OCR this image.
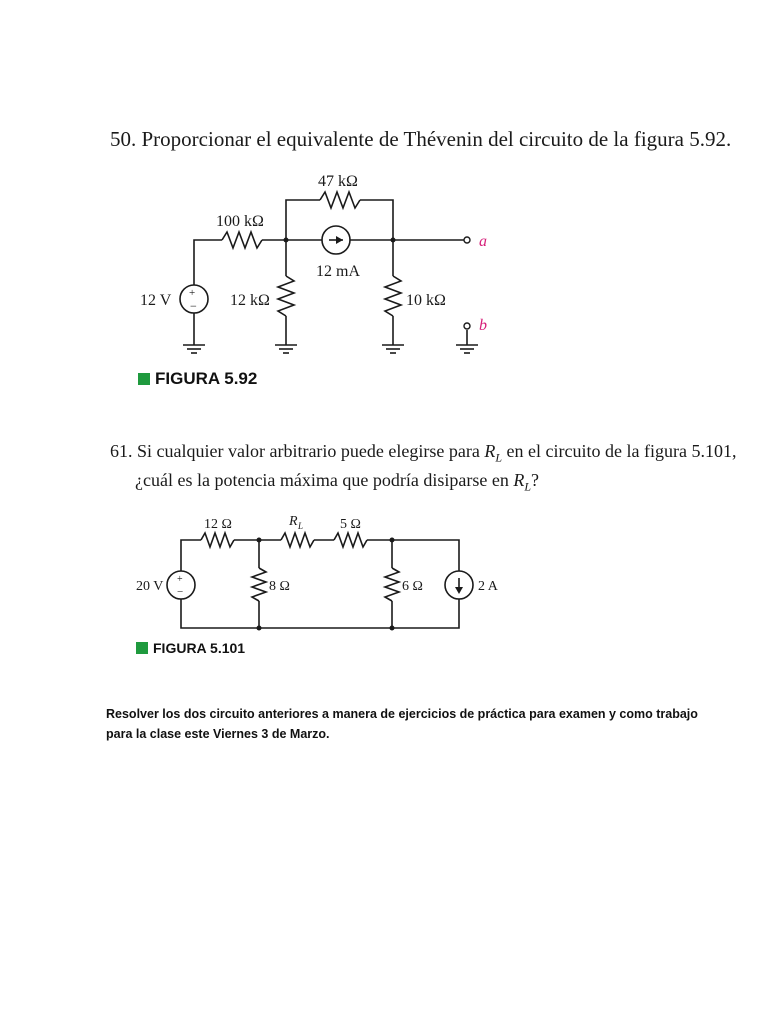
50. Proporcionar el equivalente de Thévenin del circuito de la figura 5.92.

47 kΩ
100 kΩ
12 V +
− 12 kΩ
12 mA
10 kΩ
a
b
12 Ω	R L	5 Ω
20 V +
−	8 Ω	6 Ω	2 A

FIGURA 5.92

61. Si cualquier valor arbitrario puede elegirse para $R_L$ en el circuito de la figura 5.101,
¿cuál es la potencia máxima que podría disiparse en $R_L$?

FIGURA 5.101

Resolver los dos circuito anteriores a manera de ejercicios de práctica para examen y como trabajo para la clase este Viernes 3 de Marzo.
